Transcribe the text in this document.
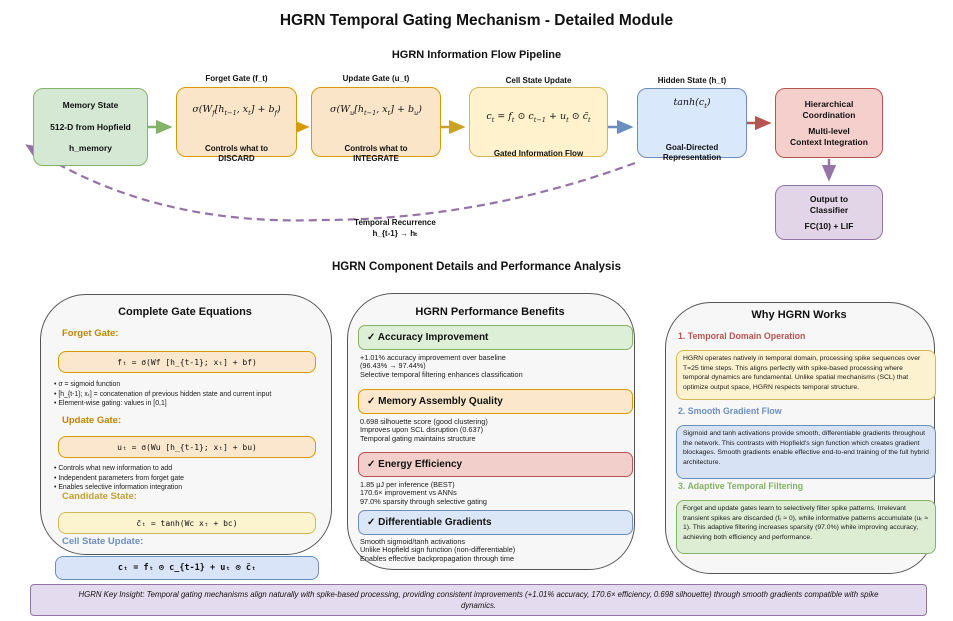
HGRN Temporal Gating Mechanism - Detailed Module
HGRN Information Flow Pipeline
Memory State
512-D from Hopfield
h_memory
Forget Gate (f_t)
$\sigma(W_f[h_{t-1}$, $x_t] + b_f$)
Controls what to
DISCARD
Update Gate (u_t)
$\sigma(W_u[h_{t-1}$, $x_t] + b_u$)
Controls what to
INTEGRATE
Cell State Update
$c_t = f_t$ ⊙ $c_{t-1} + u_t$ ⊙ $c̃_t$
Gated Information Flow
Hidden State (h_t)
$\tanh(c_t)$
Goal-Directed
Representation
Hierarchical
Coordination
Multi-level
Context Integration
Output to
Classifier
FC(10) + LIF
Temporal Recurrence
h_{t-1} → hₜ
HGRN Component Details and Performance Analysis
Complete Gate Equations
Forget Gate:
fₜ = σ(Wf [h_{t-1}; xₜ] + bf)
• σ = sigmoid function
• [h_{t-1}; xₜ] = concatenation of previous hidden state and current input
• Element-wise gating: values in [0,1]
Update Gate:
uₜ = σ(Wu [h_{t-1}; xₜ] + bu)
• Controls what new information to add
• Independent parameters from forget gate
• Enables selective information integration
Candidate State:
c̃ₜ = tanh(Wc xₜ + bc)
Cell State Update:
cₜ = fₜ ⊙ c_{t-1} + uₜ ⊙ c̃ₜ
HGRN Performance Benefits
✓ Accuracy Improvement
+1.01% accuracy improvement over baseline
(96.43% → 97.44%)
Selective temporal filtering enhances classification
✓ Memory Assembly Quality
0.698 silhouette score (good clustering)
Improves upon SCL disruption (0.637)
Temporal gating maintains structure
✓ Energy Efficiency
1.85 μJ per inference (BEST)
170.6× improvement vs ANNs
97.0% sparsity through selective gating
✓ Differentiable Gradients
Smooth sigmoid/tanh activations
Unlike Hopfield sign function (non-differentiable)
Enables effective backpropagation through time
Why HGRN Works
1. Temporal Domain Operation
HGRN operates natively in temporal domain, processing spike sequences over T=25 time steps. This aligns perfectly with spike-based processing where temporal dynamics are fundamental. Unlike spatial mechanisms (SCL) that optimize output space, HGRN respects temporal structure.
2. Smooth Gradient Flow
Sigmoid and tanh activations provide smooth, differentiable gradients throughout the network. This contrasts with Hopfield's sign function which creates gradient blockages. Smooth gradients enable effective end-to-end training of the full hybrid architecture.
3. Adaptive Temporal Filtering
Forget and update gates learn to selectively filter spike patterns. Irrelevant transient spikes are discarded (fₜ ≈ 0), while informative patterns accumulate (uₜ ≈ 1). This adaptive filtering increases sparsity (97.0%) while improving accuracy, achieving both efficiency and performance.
HGRN Key Insight: Temporal gating mechanisms align naturally with spike-based processing, providing consistent improvements (+1.01% accuracy, 170.6× efficiency, 0.698 silhouette) through smooth gradients compatible with spike dynamics.
